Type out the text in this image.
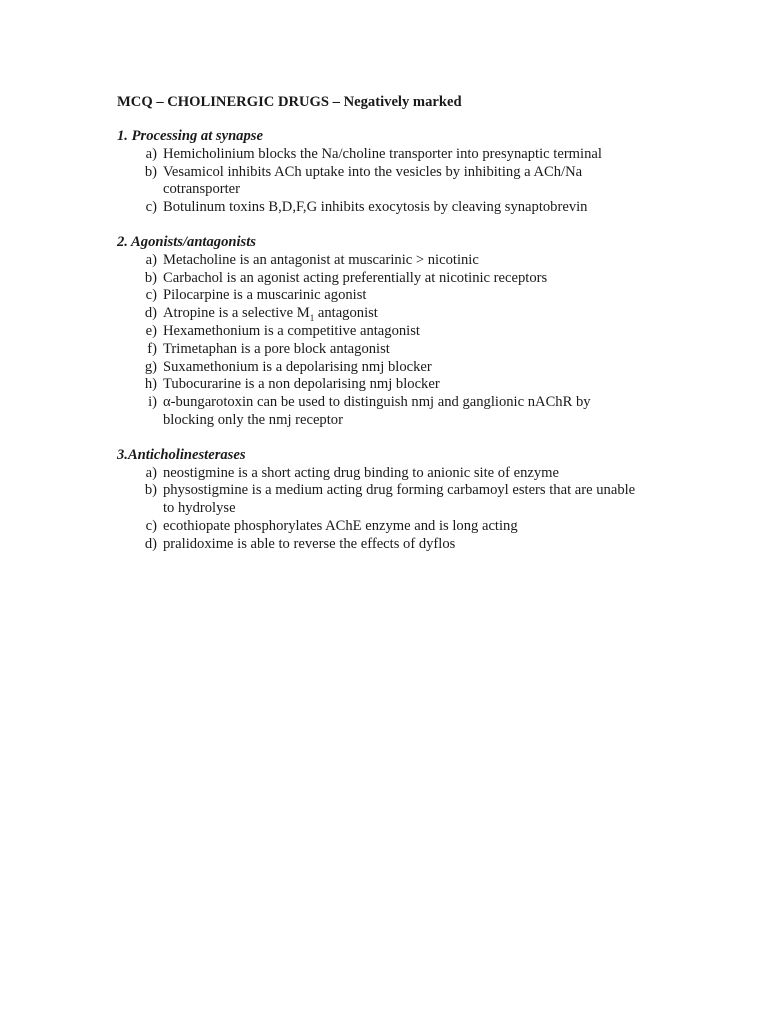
MCQ – CHOLINERGIC DRUGS – Negatively marked

1. Processing at synapse

a) Hemicholinium blocks the Na/choline transporter into presynaptic terminal
b) Vesamicol inhibits ACh uptake into the vesicles by inhibiting a ACh/Na cotransporter
c) Botulinum toxins B,D,F,G inhibits exocytosis by cleaving synaptobrevin

2. Agonists/antagonists

a) Metacholine is an antagonist at muscarinic > nicotinic
b) Carbachol is an agonist acting preferentially at nicotinic receptors
c) Pilocarpine is a muscarinic agonist
d) Atropine is a selective $M_1$ antagonist
e) Hexamethonium is a competitive antagonist
f) Trimetaphan is a pore block antagonist
g) Suxamethonium is a depolarising nmj blocker
h) Tubocurarine is a non depolarising nmj blocker
i) α-bungarotoxin can be used to distinguish nmj and ganglionic nAChR by blocking only the nmj receptor

3.Anticholinesterases

a) neostigmine is a short acting drug binding to anionic site of enzyme
b) physostigmine is a medium acting drug forming carbamoyl esters that are unable to hydrolyse
c) ecothiopate phosphorylates AChE enzyme and is long acting
d) pralidoxime is able to reverse the effects of dyflos
